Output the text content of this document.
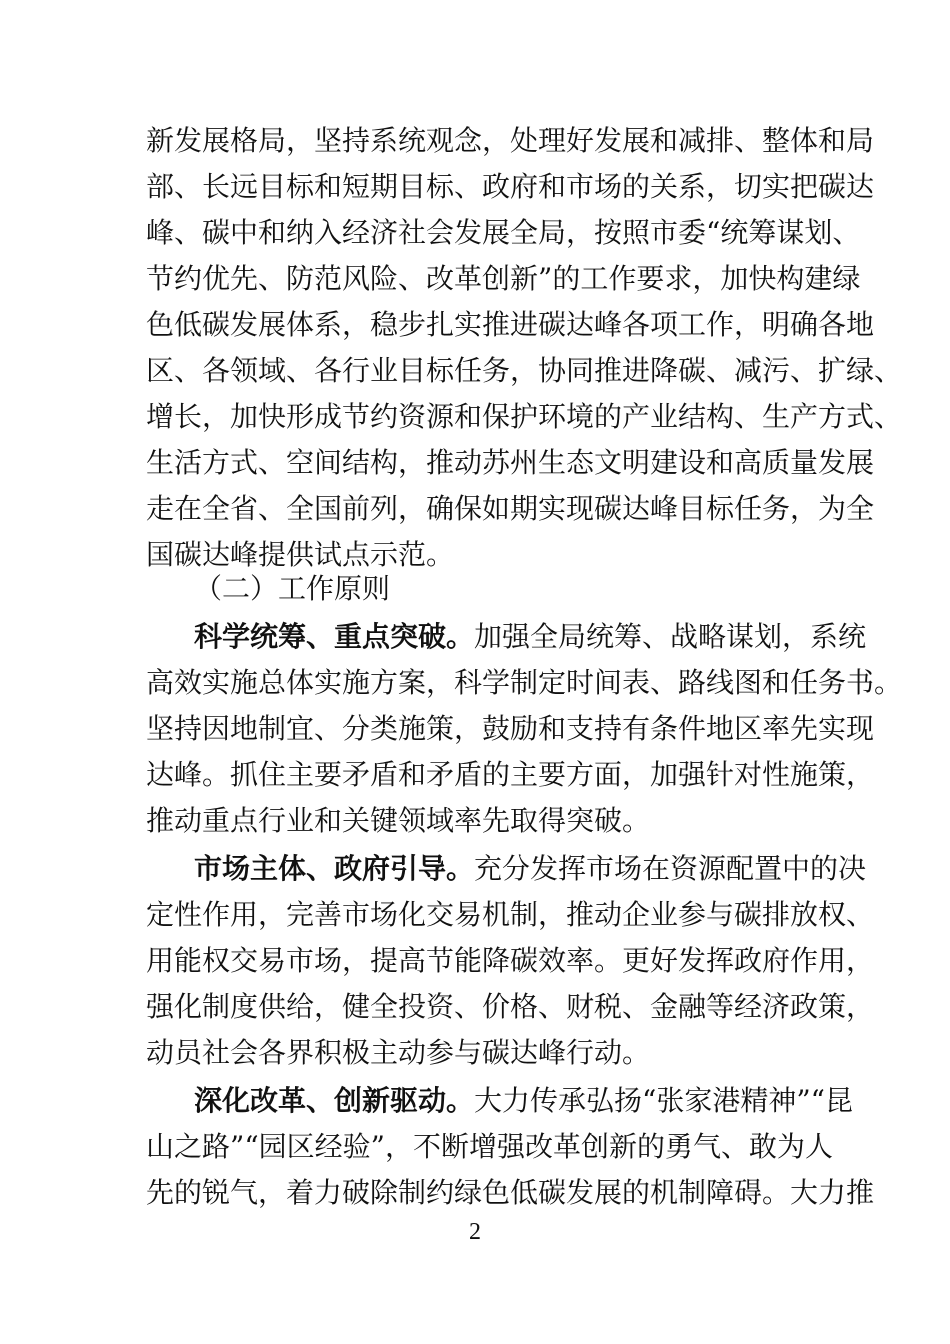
新发展格局，坚持系统观念，处理好发展和减排、整体和局
部、长远目标和短期目标、政府和市场的关系，切实把碳达
峰、碳中和纳入经济社会发展全局，按照市委“统筹谋划、
节约优先、防范风险、改革创新”的工作要求，加快构建绿
色低碳发展体系，稳步扎实推进碳达峰各项工作，明确各地
区、各领域、各行业目标任务，协同推进降碳、减污、扩绿、
增长，加快形成节约资源和保护环境的产业结构、生产方式、
生活方式、空间结构，推动苏州生态文明建设和高质量发展
走在全省、全国前列，确保如期实现碳达峰目标任务，为全
国碳达峰提供试点示范。
（二）工作原则
科学统筹、重点突破。加强全局统筹、战略谋划，系统
高效实施总体实施方案，科学制定时间表、路线图和任务书。
坚持因地制宜、分类施策，鼓励和支持有条件地区率先实现
达峰。抓住主要矛盾和矛盾的主要方面，加强针对性施策，
推动重点行业和关键领域率先取得突破。
市场主体、政府引导。充分发挥市场在资源配置中的决
定性作用，完善市场化交易机制，推动企业参与碳排放权、
用能权交易市场，提高节能降碳效率。更好发挥政府作用，
强化制度供给，健全投资、价格、财税、金融等经济政策，
动员社会各界积极主动参与碳达峰行动。
深化改革、创新驱动。大力传承弘扬“张家港精神”“昆
山之路”“园区经验”，不断增强改革创新的勇气、敢为人
先的锐气，着力破除制约绿色低碳发展的机制障碍。大力推
2
